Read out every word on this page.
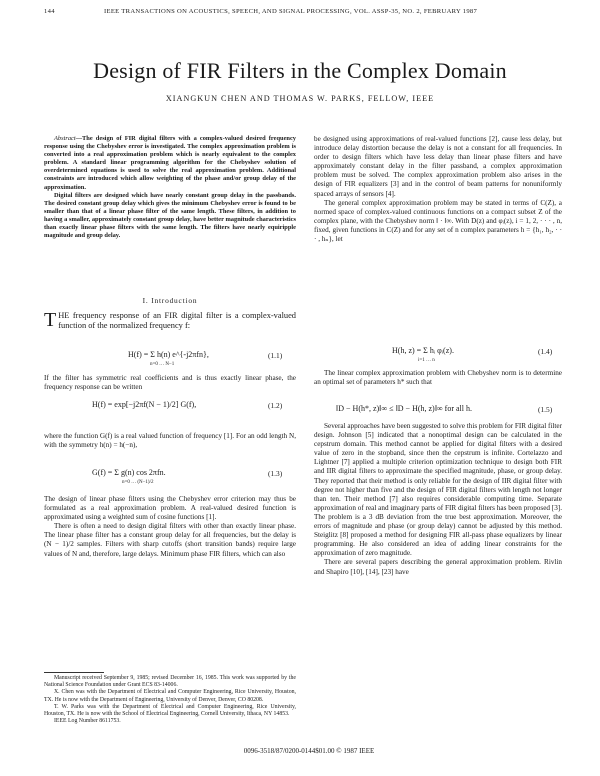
144	IEEE TRANSACTIONS ON ACOUSTICS, SPEECH, AND SIGNAL PROCESSING, VOL. ASSP-35, NO. 2, FEBRUARY 1987
Design of FIR Filters in the Complex Domain
XIANGKUN CHEN AND THOMAS W. PARKS, FELLOW, IEEE

Abstract—The design of FIR digital filters with a complex-valued desired frequency response using the Chebyshev error is investigated. The complex approximation problem is converted into a real approximation problem which is nearly equivalent to the complex problem. A standard linear programming algorithm for the Chebyshev solution of overdetermined equations is used to solve the real approximation problem. Additional constraints are introduced which allow weighting of the phase and/or group delay of the approximation.

Digital filters are designed which have nearly constant group delay in the passbands. The desired constant group delay which gives the minimum Chebyshev error is found to be smaller than that of a linear phase filter of the same length. These filters, in addition to having a smaller, approximately constant group delay, have better magnitude characteristics than exactly linear phase filters with the same length. The filters have nearly equiripple magnitude and group delay.

I. Introduction
T HE frequency response of an FIR digital filter is a complex-valued function of the normalized frequency f:
H(f) = Σ h(n) e^{-j2πfn},
n=0 … N−1
(1.1)

If the filter has symmetric real coefficients and is thus exactly linear phase, the frequency response can be written

H(f) = exp[−j2πf(N − 1)/2] G(f),	(1.2)

where the function G(f) is a real valued function of frequency [1]. For an odd length N, with the symmetry h(n) = h(−n),

G(f) = Σ g(n) cos 2πfn.
n=0 … (N−1)/2
(1.3)

The design of linear phase filters using the Chebyshev error criterion may thus be formulated as a real approximation problem. A real-valued desired function is approximated using a weighted sum of cosine functions [1].

There is often a need to design digital filters with other than exactly linear phase. The linear phase filter has a constant group delay for all frequencies, but the delay is (N − 1)/2 samples. Filters with sharp cutoffs (short transition bands) require large values of N and, therefore, large delays. Minimum phase FIR filters, which can also

Manuscript received September 9, 1985; revised December 16, 1985. This work was supported by the National Science Foundation under Grant ECS 83-14006.

X. Chen was with the Department of Electrical and Computer Engineering, Rice University, Houston, TX. He is now with the Department of Engineering, University of Denver, Denver, CO 80208.

T. W. Parks was with the Department of Electrical and Computer Engineering, Rice University, Houston, TX. He is now with the School of Electrical Engineering, Cornell University, Ithaca, NY 14853.

IEEE Log Number 8611753.

be designed using approximations of real-valued functions [2], cause less delay, but introduce delay distortion because the delay is not a constant for all frequencies. In order to design filters which have less delay than linear phase filters and have approximately constant delay in the filter passband, a complex approximation problem must be solved. The complex approximation problem also arises in the design of FIR equalizers [3] and in the control of beam patterns for nonuniformly spaced arrays of sensors [4].

The general complex approximation problem may be stated in terms of C(Z), a normed space of complex-valued continuous functions on a compact subset Z of the complex plane, with the Chebyshev norm ‖ · ‖∞. With D(z) and φᵢ(z), i = 1, 2, · · · , n, fixed, given functions in C(Z) and for any set of n complex parameters h = {h₁, h₂, · · · , hₙ}, let

H(h, z) = Σ hᵢ φᵢ(z).
i=1 … n
(1.4)

The linear complex approximation problem with Chebyshev norm is to determine an optimal set of parameters h* such that

‖D − H(h*, z)‖∞ ≤ ‖D − H(h, z)‖∞ for all h.	(1.5)

Several approaches have been suggested to solve this problem for FIR digital filter design. Johnson [5] indicated that a nonoptimal design can be calculated in the cepstrum domain. This method cannot be applied for digital filters with a desired value of zero in the stopband, since then the cepstrum is infinite. Cortelazzo and Lightner [7] applied a multiple criterion optimization technique to design both FIR and IIR digital filters to approximate the specified magnitude, phase, or group delay. They reported that their method is only reliable for the design of IIR digital filter with degree not higher than five and the design of FIR digital filters with length not longer than ten. Their method [7] also requires considerable computing time. Separate approximation of real and imaginary parts of FIR digital filters has been proposed [3]. The problem is a 3 dB deviation from the true best approximation. Moreover, the errors of magnitude and phase (or group delay) cannot be adjusted by this method. Steiglitz [8] proposed a method for designing FIR all-pass phase equalizers by linear programming. He also considered an idea of adding linear constraints for the approximation of zero magnitude.

There are several papers describing the general approximation problem. Rivlin and Shapiro [10], [14], [23] have

0096-3518/87/0200-0144$01.00 © 1987 IEEE
